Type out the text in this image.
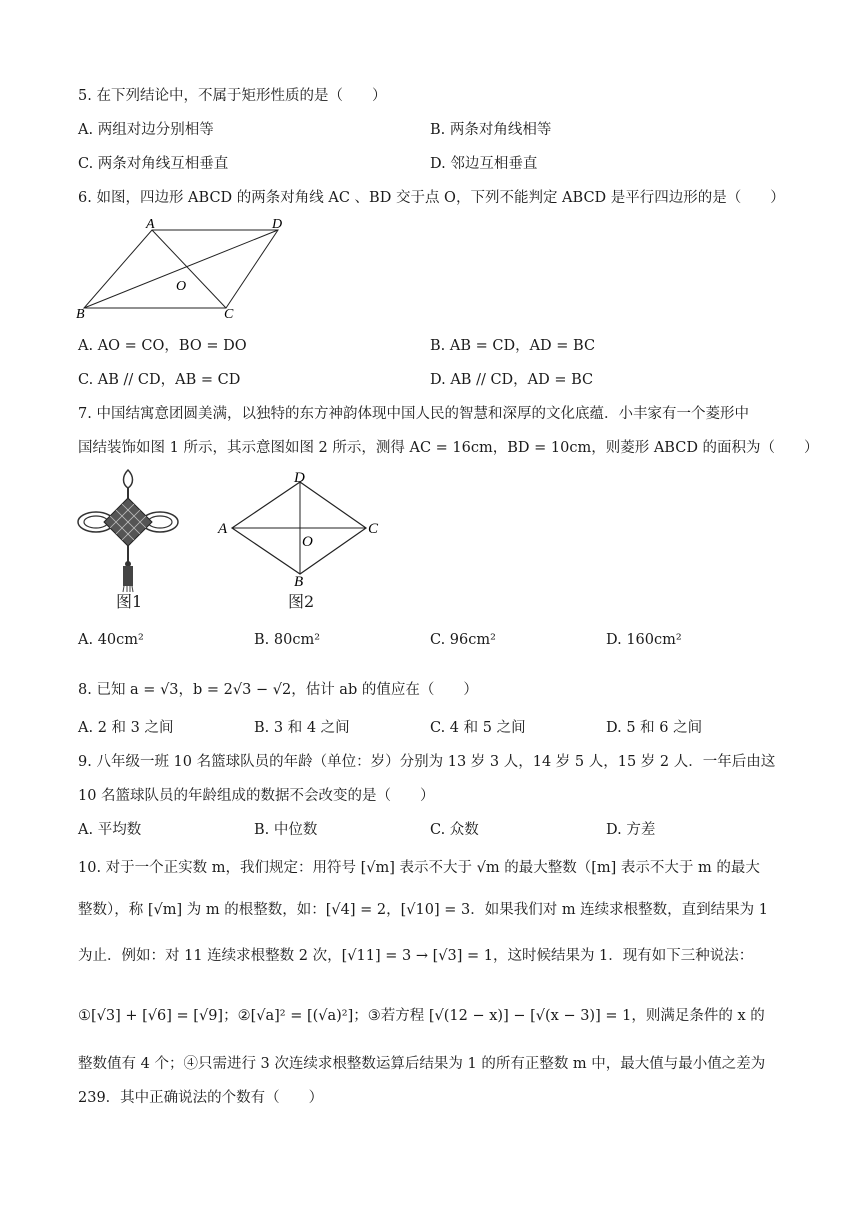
5. 在下列结论中，不属于矩形性质的是（　　）
A. 两组对边分别相等	B. 两条对角线相等
C. 两条对角线互相垂直	D. 邻边互相垂直
6. 如图，四边形 ABCD 的两条对角线 AC 、BD 交于点 O，下列不能判定 ABCD 是平行四边形的是（　　）
A	D
O
B	C
A. AO = CO，BO = DO	B. AB = CD，AD = BC
C. AB // CD，AB = CD	D. AB // CD，AD = BC
7. 中国结寓意团圆美满，以独特的东方神韵体现中国人民的智慧和深厚的文化底蕴．小丰家有一个菱形中
国结装饰如图 1 所示，其示意图如图 2 所示，测得 AC = 16cm，BD = 10cm，则菱形 ABCD 的面积为（　　）
图1
D
A	C
O
B
图2
A. 40cm²	B. 80cm²	C. 96cm²	D. 160cm²
8. 已知 a = √3，b = 2√3 − √2，估计 ab 的值应在（　　）
A. 2 和 3 之间	B. 3 和 4 之间	C. 4 和 5 之间	D. 5 和 6 之间
9. 八年级一班 10 名篮球队员的年龄（单位：岁）分别为 13 岁 3 人，14 岁 5 人，15 岁 2 人．一年后由这
10 名篮球队员的年龄组成的数据不会改变的是（　　）
A. 平均数	B. 中位数	C. 众数	D. 方差
10. 对于一个正实数 m，我们规定：用符号 [√m] 表示不大于 √m 的最大整数（[m] 表示不大于 m 的最大
整数），称 [√m] 为 m 的根整数，如：[√4] = 2，[√10] = 3．如果我们对 m 连续求根整数，直到结果为 1
为止．例如：对 11 连续求根整数 2 次，[√11] = 3 → [√3] = 1，这时候结果为 1．现有如下三种说法：
①[√3] + [√6] = [√9]；②[√a]² = [(√a)²]；③若方程 [√(12 − x)] − [√(x − 3)] = 1，则满足条件的 x 的
整数值有 4 个；④只需进行 3 次连续求根整数运算后结果为 1 的所有正整数 m 中，最大值与最小值之差为
239．其中正确说法的个数有（　　）
